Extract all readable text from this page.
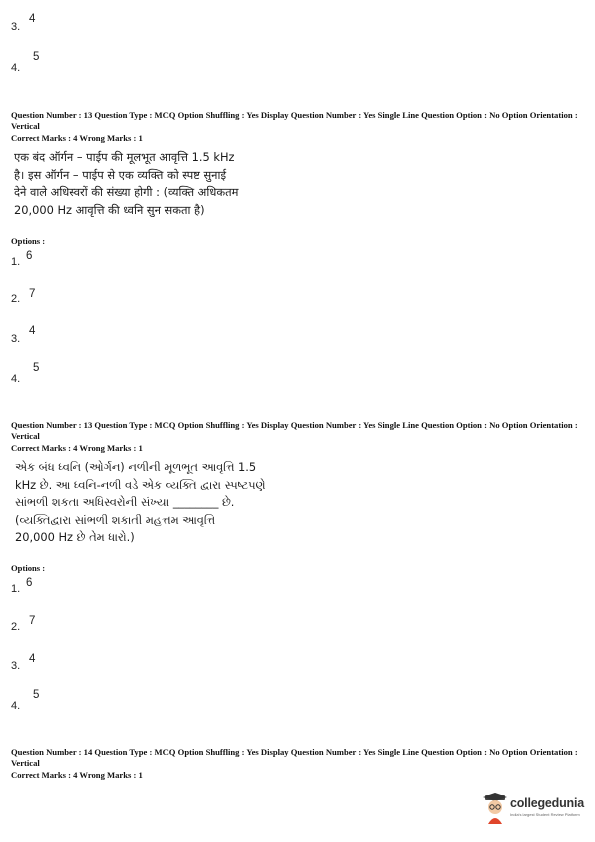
3.
4
4.
5
Question Number : 13 Question Type : MCQ Option Shuffling : Yes Display Question Number : Yes Single Line Question Option : No Option Orientation : Vertical
Correct Marks : 4 Wrong Marks : 1
एक बंद ऑर्गन – पाईप की मूलभूत आवृत्ति 1.5 kHz
है। इस ऑर्गन – पाईप से एक व्यक्ति को स्पष्ट सुनाई
देने वाले अधिस्वरों की संख्या होगी : (व्यक्ति अधिकतम
20,000 Hz आवृत्ति की ध्वनि सुन सकता है)
Options :
1. 6
2. 7
3.
4
4.
5
Question Number : 13 Question Type : MCQ Option Shuffling : Yes Display Question Number : Yes Single Line Question Option : No Option Orientation : Vertical
Correct Marks : 4 Wrong Marks : 1
એક બંધ ધ્વનિ (ઓર્ગન) નળીની મૂળભૂત આવૃત્તિ 1.5
kHz છે. આ ધ્વનિ-નળી વડે એક વ્યક્તિ દ્વારા સ્પષ્ટપણે
સાંભળી શકતા અધિસ્વરોની સંખ્યા ________ છે.
(વ્યક્તિદ્વારા સાંભળી શકાતી મહત્તમ આવૃત્તિ
20,000 Hz છે તેમ ધારો.)
Options :
1. 6
2. 7
3.
4
4.
5
Question Number : 14 Question Type : MCQ Option Shuffling : Yes Display Question Number : Yes Single Line Question Option : No Option Orientation : Vertical
Correct Marks : 4 Wrong Marks : 1
collegedunia
India's largest Student Review Platform
